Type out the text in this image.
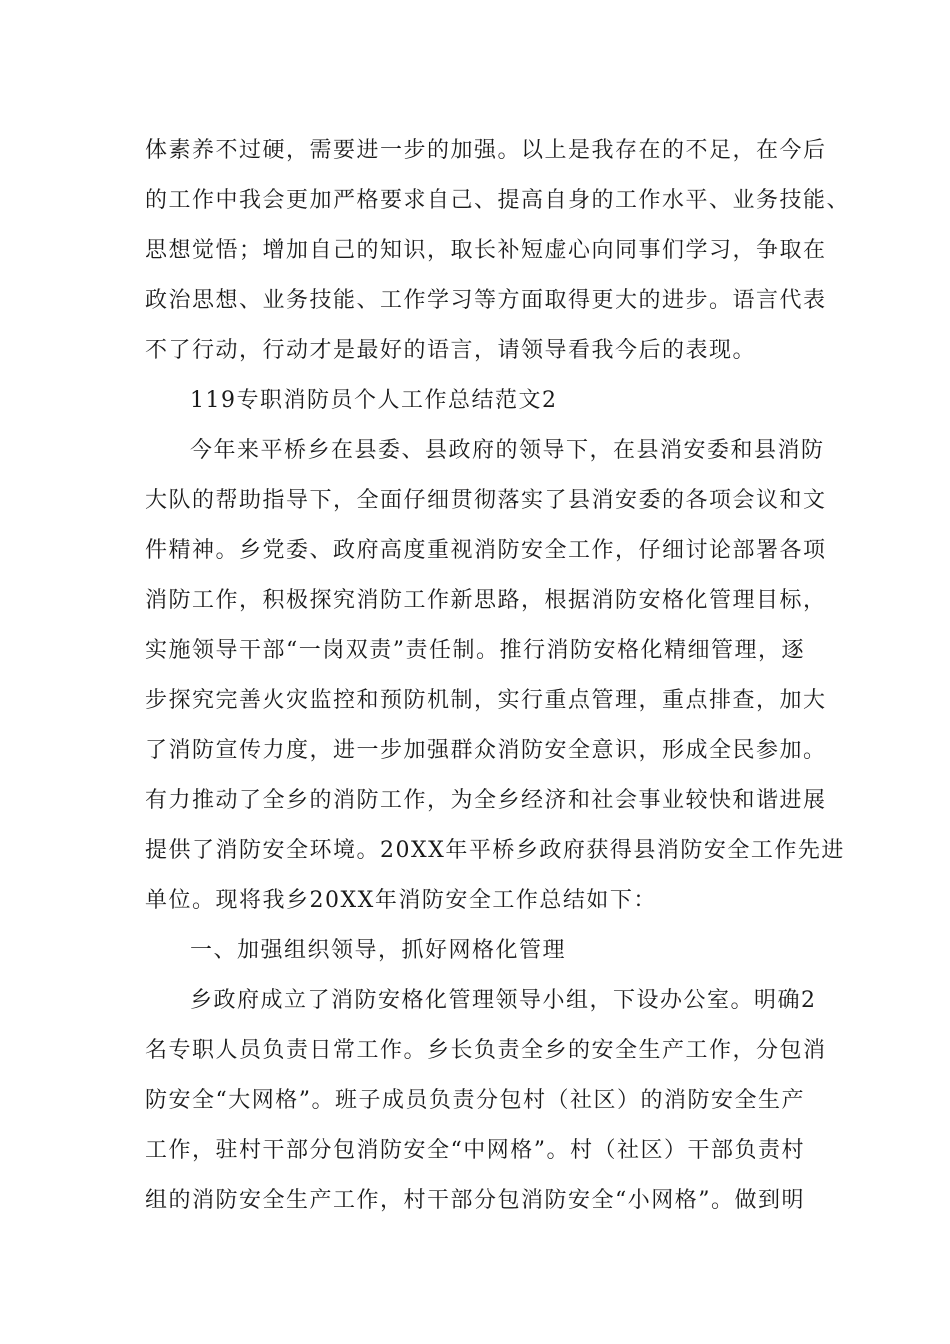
体素养不过硬，需要进一步的加强。以上是我存在的不足，在今后
的工作中我会更加严格要求自己、提高自身的工作水平、业务技能、
思想觉悟；增加自己的知识，取长补短虚心向同事们学习，争取在
政治思想、业务技能、工作学习等方面取得更大的进步。语言代表
不了行动，行动才是最好的语言，请领导看我今后的表现。
119专职消防员个人工作总结范文2
今年来平桥乡在县委、县政府的领导下，在县消安委和县消防
大队的帮助指导下，全面仔细贯彻落实了县消安委的各项会议和文
件精神。乡党委、政府高度重视消防安全工作，仔细讨论部署各项
消防工作，积极探究消防工作新思路，根据消防安格化管理目标，
实施领导干部“一岗双责”责任制。推行消防安格化精细管理，逐
步探究完善火灾监控和预防机制，实行重点管理，重点排查，加大
了消防宣传力度，进一步加强群众消防安全意识，形成全民参加。
有力推动了全乡的消防工作，为全乡经济和社会事业较快和谐进展
提供了消防安全环境。20XX年平桥乡政府获得县消防安全工作先进
单位。现将我乡20XX年消防安全工作总结如下：
一、加强组织领导，抓好网格化管理
乡政府成立了消防安格化管理领导小组，下设办公室。明确2
名专职人员负责日常工作。乡长负责全乡的安全生产工作，分包消
防安全“大网格”。班子成员负责分包村（社区）的消防安全生产
工作，驻村干部分包消防安全“中网格”。村（社区）干部负责村
组的消防安全生产工作，村干部分包消防安全“小网格”。做到明
